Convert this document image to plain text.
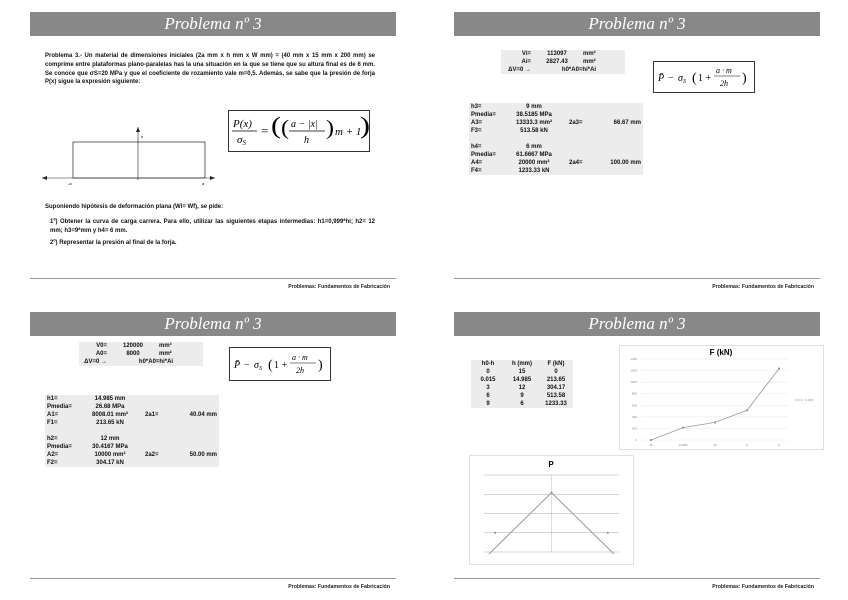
Problema nº 3
Problema 3.- Un material de dimensiones iniciales (2a mm x h mm x W mm) = (40 mm x 15 mm x 200 mm) se comprime entre plataformas plano-paralelas has la una situación en la que se tiene que su altura final es de 6 mm. Se conoce que σS=20 MPa y que el coeficiente de rozamiento vale m=0,5. Además, se sabe que la presión de forja P(x) sigue la expresión siguiente:
h
-a	a
P(x)
σS
= ( ( a − |x|
h
) m + 1
)
Suponiendo hipótesis de deformación plana (Wi= Wf), se pide:
1º) Obtener la curva de carga carrera. Para ello, utilizar las siguientes etapas intermedias: h1=0,999*hi; h2= 12 mm; h3=9*mm y h4= 6 mm.
2º) Representar la presión al final de la forja.
Problemas: Fundamentos de Fabricación
Problema nº 3
Vi=	113097	mm³
Ai=	2827.43	mm²
ΔV=0 →	h0*A0=hi*Ai	
P̄ − $\sigma_S$ ( 1 +
a · m
2h )
h3=	9 mm		
Pmedia=	38.5185 MPa		
A3=	13333.3 mm²	2a3=	66.67 mm
F3=	513.58 kN		

h4=	6 mm		
Pmedia=	61.6667 MPa		
A4=	20000 mm²	2a4=	100.00 mm
F4=	1233.33 kN		
Problemas: Fundamentos de Fabricación
Problema nº 3
V0=	120000	mm³
A0=	8000	mm²
ΔV=0 →	h0*A0=hi*Ai		P̄ − $\sigma_S$ ( 1 +
a · m
2h )
h1=	14.985 mm		
Pmedia=	26.68 MPa		
A1=	8008.01 mm²	2a1=	40.04 mm
F1=	213.65 kN		

h2=	12 mm		
Pmedia=	30.4167 MPa		
A2=	10000 mm²	2a2=	50.00 mm
F2=	304.17 kN		
Problemas: Fundamentos de Fabricación
Problema nº 3
h0-h	h (mm)	F (kN)
0	15	0
0.015	14.985	213.65
3	12	304.17
6	9	513.58
9	6	1233.33
F (kN)
0
200
400
600
800
1000
1200
1400
15	14.985	12	9	6
F (kN)
P
Problemas: Fundamentos de Fabricación
